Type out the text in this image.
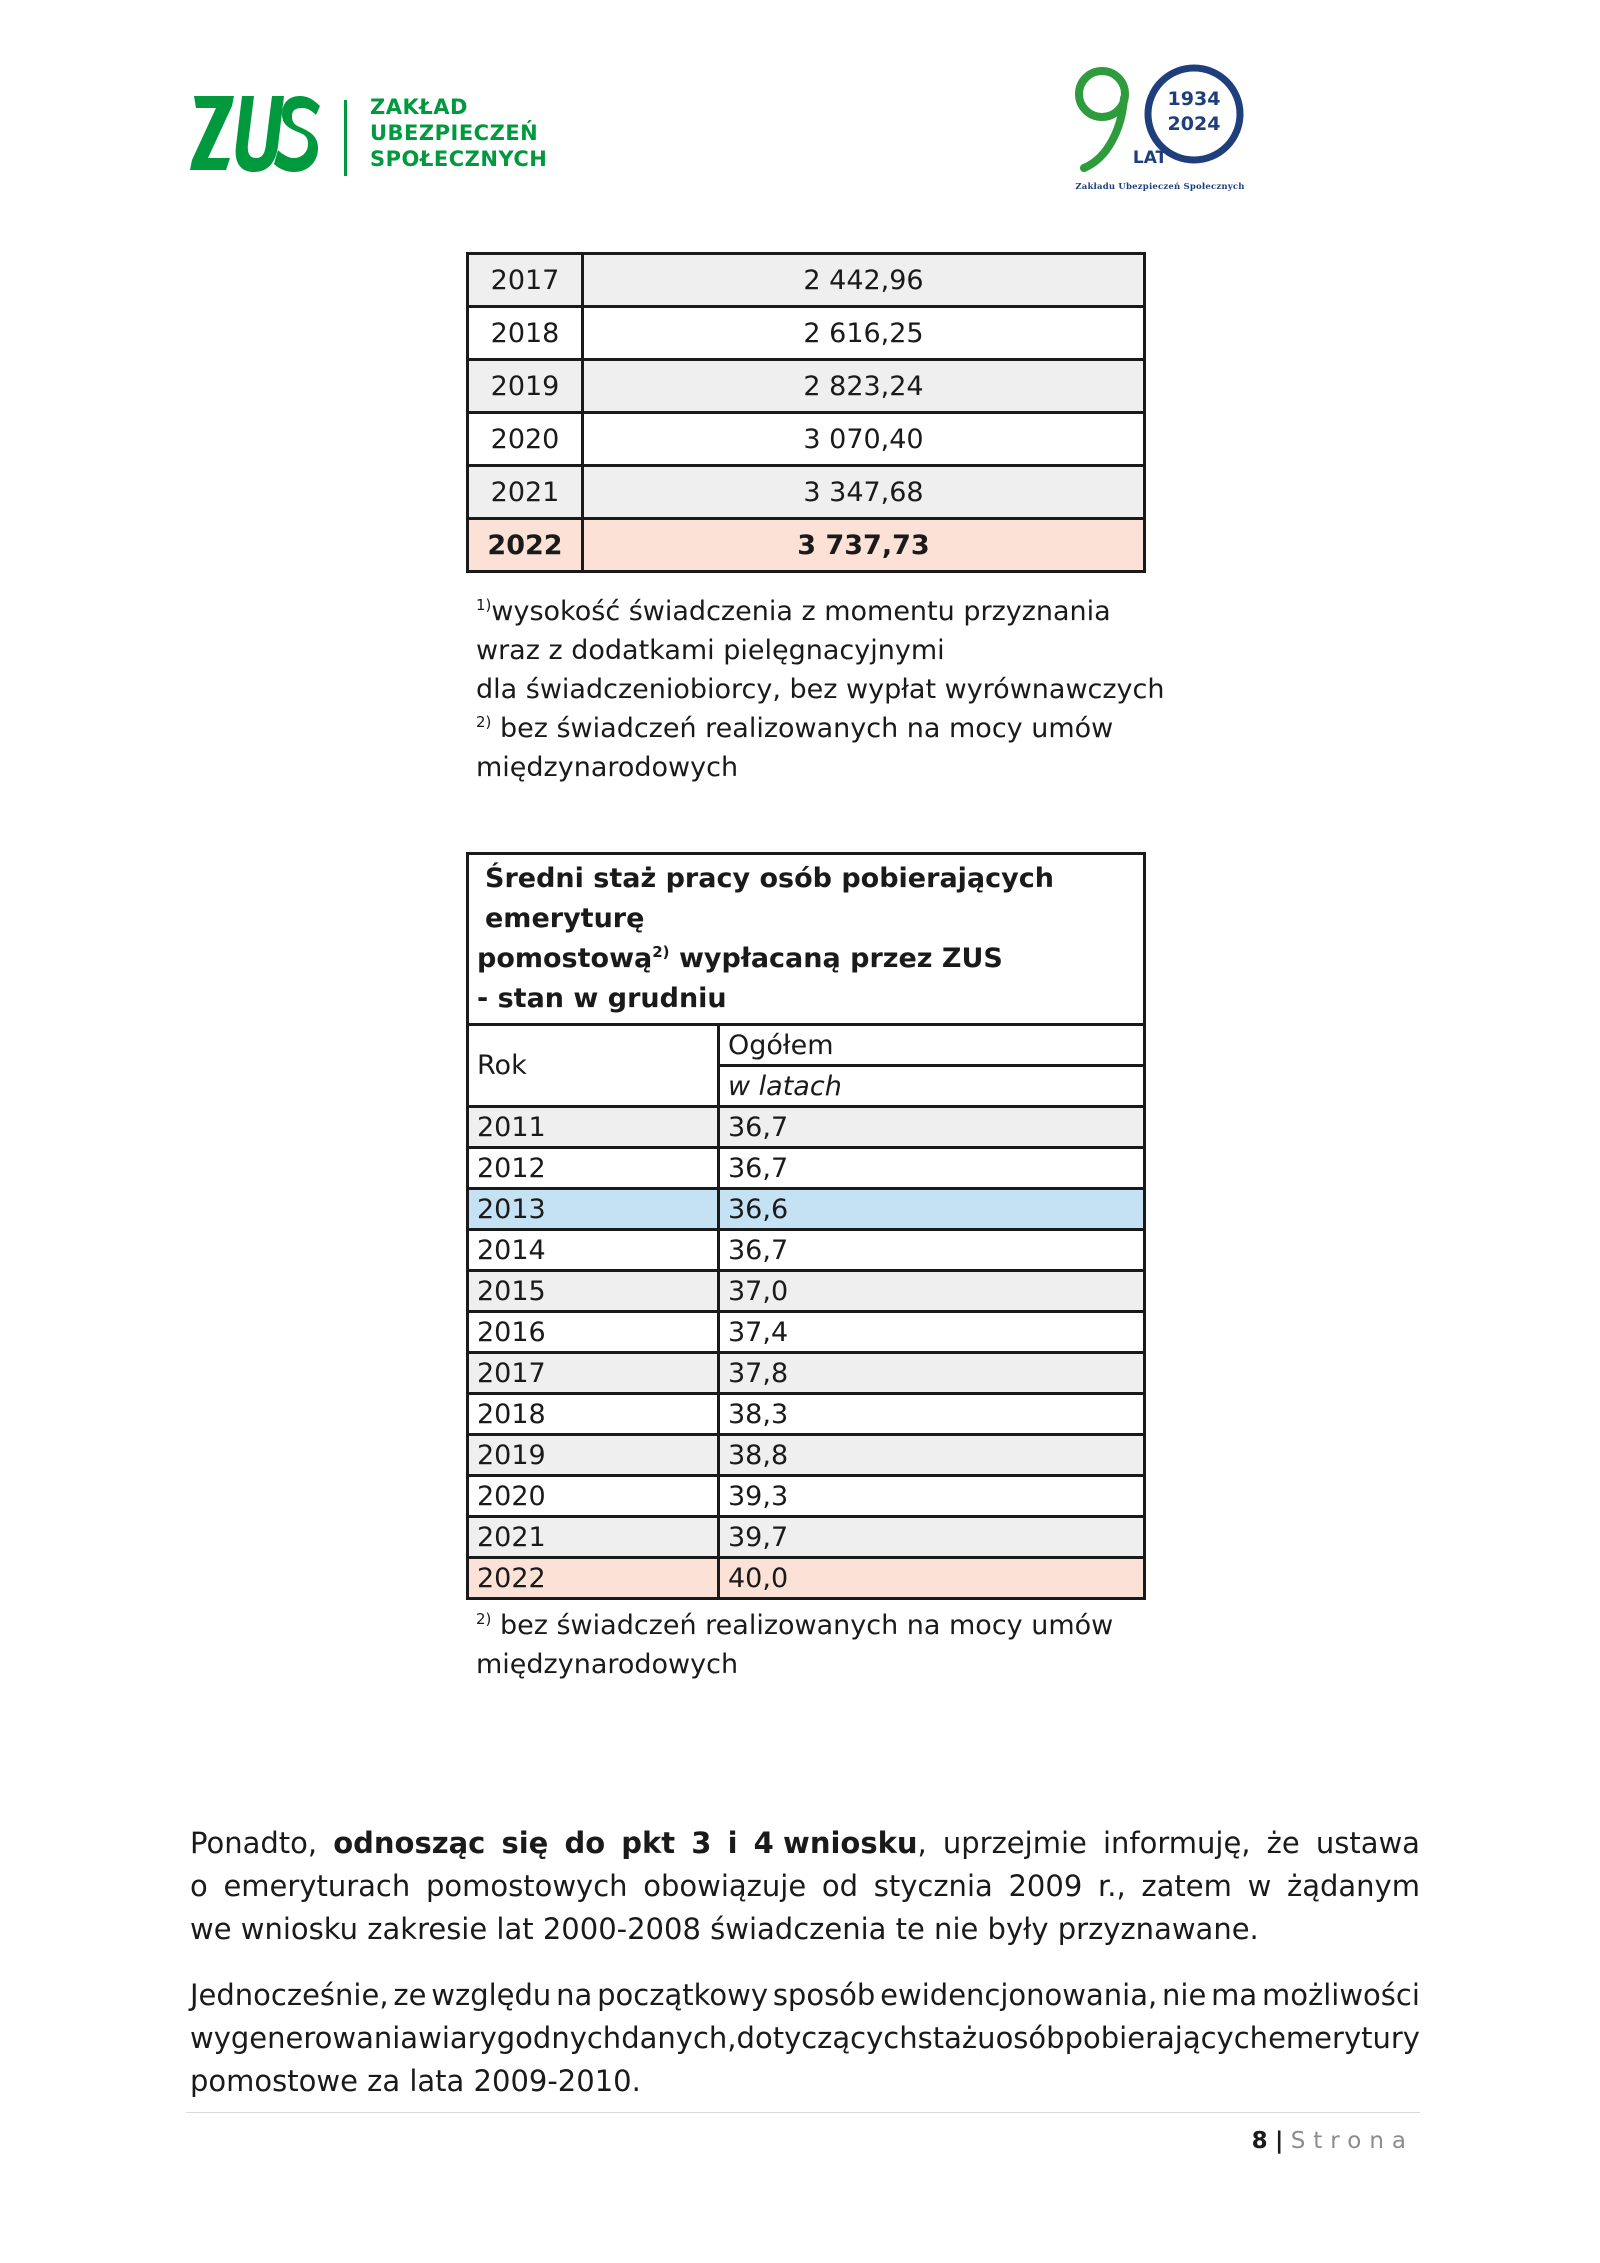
ZAKŁAD
UBEZPIECZEŃ
SPOŁECZNYCH
1934
2024
LAT
Zakładu Ubezpieczeń Społecznych
2017	2 442,96
2018	2 616,25
2019	2 823,24
2020	3 070,40
2021	3 347,68
2022	3 737,73
$^{1)}$wysokość świadczenia z momentu przyznania
wraz z dodatkami pielęgnacyjnymi
dla świadczeniobiorcy, bez wypłat wyrównawczych
$^{2)}$ bez świadczeń realizowanych na mocy umów
międzynarodowych
Średni staż pracy osób pobierających emeryturę
pomostową$^{2)}$ wypłacaną przez ZUS
- stan w grudniu	

Rok	Ogółem
	w latach
2011	36,7
2012	36,7
2013	36,6
2014	36,7
2015	37,0
2016	37,4
2017	37,8
2018	38,3
2019	38,8
2020	39,3
2021	39,7
2022	40,0
$^{2)}$ bez świadczeń realizowanych na mocy umów
międzynarodowych
Ponadto, odnosząc się do pkt 3 i 4 wniosku, uprzejmie informuję, że ustawa
o emeryturach pomostowych obowiązuje od stycznia 2009 r., zatem w żądanym
we wniosku zakresie lat 2000-2008 świadczenia te nie były przyznawane.
Jednocześnie, ze względu na początkowy sposób ewidencjonowania, nie ma możliwości
wygenerowania wiarygodnych danych, dotyczących stażu osób pobierających emerytury
pomostowe za lata 2009-2010.
8 | Strona
